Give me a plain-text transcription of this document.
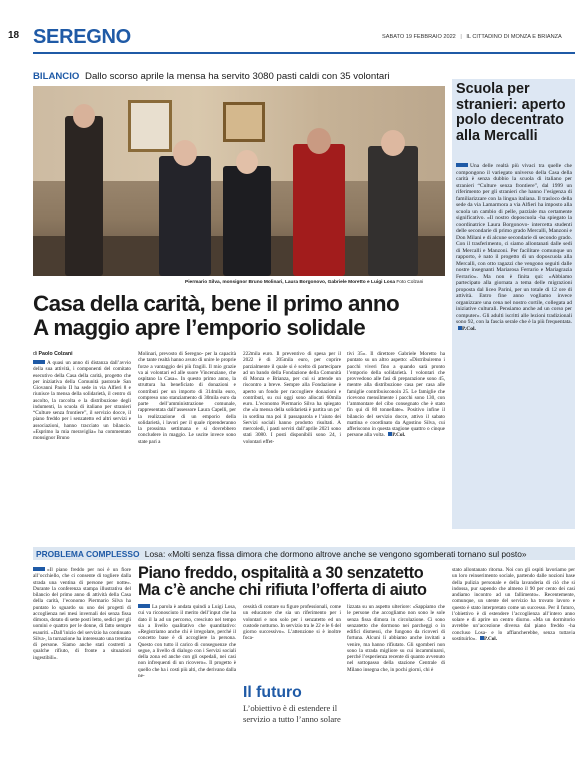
18 SEREGNO	SABATO 19 FEBBRAIO 2022 | IL CITTADINO DI MONZA E BRIANZA
BILANCIO Dallo scorso aprile la mensa ha servito 3080 pasti caldi con 35 volontari
Piermario Silva, monsignor Bruno Molinari, Laura Borgonovo, Gabriele Moretto e Luigi Losa Foto Colzani
Casa della carità, bene il primo anno
A maggio apre l’emporio solidale
di Paolo Colzani
A quasi un anno di distanza dall’avvio della sua attività, i componenti del comitato esecutivo della Casa della carità, progetto che per iniziativa della Comunità pastorale San Giovanni Paolo II ha sede in via Alfieri 8 e riunisce la mensa della solidarietà, il centro di ascolto, la raccolta e la distribuzione degli indumenti, la scuola di italiano per stranieri “Culture senza frontiere”, il servizio docce, il piano freddo per i senzatetto ed altri servizi e associazioni, hanno tracciato un bilancio. «Esprimo la mia meraviglia» ha commentato monsignor Bruno
Molinari, prevosto di Seregno- per la capacità che tante realtà hanno avuto di unire le proprie forze a vantaggio dei più fragili. Il mio grazie va ai volontari ed alle suore Vincenziane, che ospitano la Casa». In questo primo anno, la struttura ha beneficiato di donazioni e contributi per un importo di 314mila euro, compreso uno stanziamento di 30mila euro da parte dell’amministrazione comunale, rappresentata dall’assessore Laura Capelli, per la realizzazione di un emporio della solidarietà, i lavori per il quale riprenderanno la prossima settimana e si dovrebbero concludere in maggio. Le uscite invece sono state pari a
222mila euro. Il preventivo di spesa per il 2022 è di 205mila euro, per coprire parzialmente il quale si è scelto di partecipare ad un bando della Fondazione della Comunità di Monza e Brianza, per cui si attende un riscontro a breve. Sempre alla Fondazione è aperto un fondo per raccogliere donazioni e contributi, su cui oggi sono allocati 60mila euro. L’economo Piermario Silva ha spiegato che «la mensa della solidarietà è partita un po’ in sordina ma poi il passaparola e l’aiuto dei Servizi sociali hanno prodotto risultati. A mercoledì, i pasti serviti dall’aprile 2021 sono stati 3080. I posti disponibili sono 24, i volontari effet-
tivi 35». Il direttore Gabriele Moretto ha puntato su un altro aspetto: «Distribuiremo i pacchi viveri fino a quando sarà pronto l’emporio della solidarietà. I volontari che provvedono alle fasi di preparazione sono 45, mentre alla distribuzione casa per casa alle famiglie contribuisconoin 25. Le famiglie che ricevono mensilmente i pacchi sono 130, con l’ammontare del cibo consegnato che è stato fin qui di 80 tonnellate». Positivo infine il bilancio del servizio docce, attivo il sabato mattina e coordinato da Agostino Silva, cui afferiscono in questa stagione quattro o cinque persone alla volta. P.Col.
Scuola per stranieri: aperto polo decentrato alla Mercalli
Una delle realtà più vivaci tra quelle che compongono il variegato universo della Casa della carità è senza dubbio la scuola di italiano per stranieri “Culture senza frontiere”, dal 1999 un riferimento per gli stranieri che hanno l’esigenza di familiarizzare con la lingua italiana. Il trasloco della sede da via Lamarmora a via Alfieri ha imposto alla scuola un cambio di pelle, parziale ma certamente significativo. «Il nostro doposcuola -ha spiegato la coordinatrice Laura Borgonovo- intercetta studenti delle secondarie di primo grado Mercalli, Manzoni e Don Milani e di alcune secondarie di secondo grado. Con il trasferimento, ci siamo allontanati dalle sedi di Mercalli e Manzoni. Per facilitare comunque un rapporto, è nato il progetto di un doposcuola alla Mercalli, con otto ragazzi che vengono seguiti dalle nostre insegnanti Mariarosa Ferrario e Mariagrazia Ferrario». Ma non è finita qui: «Abbiamo partecipato alla giornata a tema delle migrazioni proposta dal liceo Parini, per un totale di 12 ore di attività. Entro fine anno vogliamo invece organizzare una cena nel nostro cortile, collegata ad iniziative culturali. Pensiamo anche ad un corso per computer». Gli adulti iscritti alle lezioni tradizionali sono 92, con la fascia serale che è la più frequentata. P.Col.
PROBLEMA COMPLESSO Losa: «Molti senza fissa dimora che dormono altrove anche se vengono sgomberati tornano sul posto»
«Il piano freddo per noi è un fiore all’occhiello, che ci consente di togliere dalla strada una ventina di persone per notte». Durante la conferenza stampa illustrativa del bilancio del primo anno di attività della Casa della carità, l’economo Piermario Silva ha puntato lo sguardo su uno dei progetti di accoglienza nei mesi invernali dei senza fissa dimora, dotato di sette posti letto, sedici per gli uomini e quattro per le donne, di fatto sempre esauriti. «Dall’inizio del servizio ha continuato Silva-, la turnazione ha interessato una trentina di persone. Siamo anche stati costretti a qualche rifiuto, di fronte a situazioni ingestibili».
Piano freddo, ospitalità a 30 senzatetto
Ma c’è anche chi rifiuta l’offerta di aiuto
La parola è andata quindi a Luigi Losa, cui va riconosciuto il merito dell’input che ha dato il la ad un percorso, cresciuto nel tempo sia a livello qualitativo che quantitativo: «Registriamo anche chi è irregolare, perché il concetto base è di accogliere la persona. Questo con tutto il carico di conseguenze che segue, a livello di dialogo con i Servizi sociali della zona ed anche con gli ospedali, nei casi non infrequenti di un ricovero». Il progetto è quello che ha i costi più alti, che derivano dalla ne-
cessità di contare su figure professionali, come un educatore che sia un riferimento per i volontari e non solo per i senzatetto ed un custode notturno. In servizio tra le 22 e le 6 del giorno successivo». L’attenzione si è inoltre foca-
Il futuro
L’obiettivo è di estendere il servizio a tutto l’anno solare
lizzata su un aspetto ulteriore: «Sappiamo che le persone che accogliamo non sono le sole senza fissa dimora in circolazione. Ci sono senzatetto che dormono nei parcheggi o in edifici dismessi, che fungono da ricoveri di fortuna. Alcuni li abbiamo anche invitati a venire, ma hanno rifiutato. Gli sgomberi non sono la strada migliore su cui incamminarsi, perché l’esperienza recente di quanto avvenuto nel sottopasso della stazione Centrale di Milano insegna che, in pochi giorni, chi è
stato allontanato ritorna. Noi con gli ospiti lavoriamo per un loro reinserimento sociale, partendo dalle nozioni base della pulizia personale e della lavanderia di ciò che si indossa, pur sapendo che almeno il 90 per cento dei casi andiamo incontro ad un fallimento». Recentemente, comunque, un utente del servizio ha trovato lavoro e questo è stato interpretato come un successo. Per il futuro, l’obiettivo è di estendere l’accoglienza all’intero anno solare e di aprire un centro diurno. «Ma un dormitorio avrebbe un’accezione diversa dal piano freddo -ha concluso Losa- e lo affiancherebbe, senza tuttavia sostituirlo». P.Col.
